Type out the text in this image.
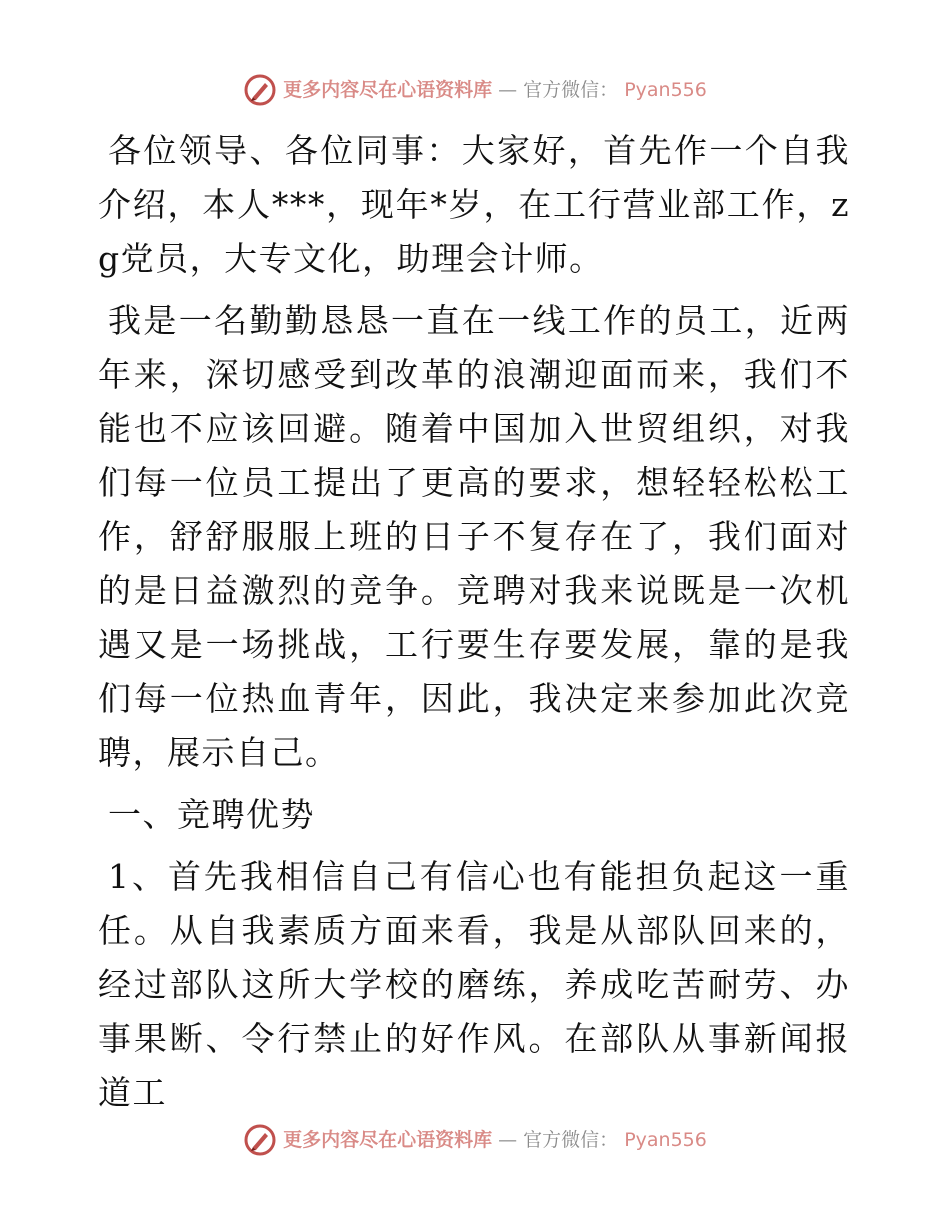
更多内容尽在心语资料库 — 官方微信： Pyan556

各位领导、各位同事：大家好，首先作一个自我介绍，本人***，现年*岁，在工行营业部工作，zg党员，大专文化，助理会计师。

我是一名勤勤恳恳一直在一线工作的员工，近两年来，深切感受到改革的浪潮迎面而来，我们不能也不应该回避。随着中国加入世贸组织，对我们每一位员工提出了更高的要求，想轻轻松松工作，舒舒服服上班的日子不复存在了，我们面对的是日益激烈的竞争。竞聘对我来说既是一次机遇又是一场挑战，工行要生存要发展，靠的是我们每一位热血青年，因此，我决定来参加此次竞聘，展示自己。

一、竞聘优势

1、首先我相信自己有信心也有能担负起这一重任。从自我素质方面来看，我是从部队回来的，经过部队这所大学校的磨练，养成吃苦耐劳、办事果断、令行禁止的好作风。在部队从事新闻报道工

更多内容尽在心语资料库 — 官方微信： Pyan556
